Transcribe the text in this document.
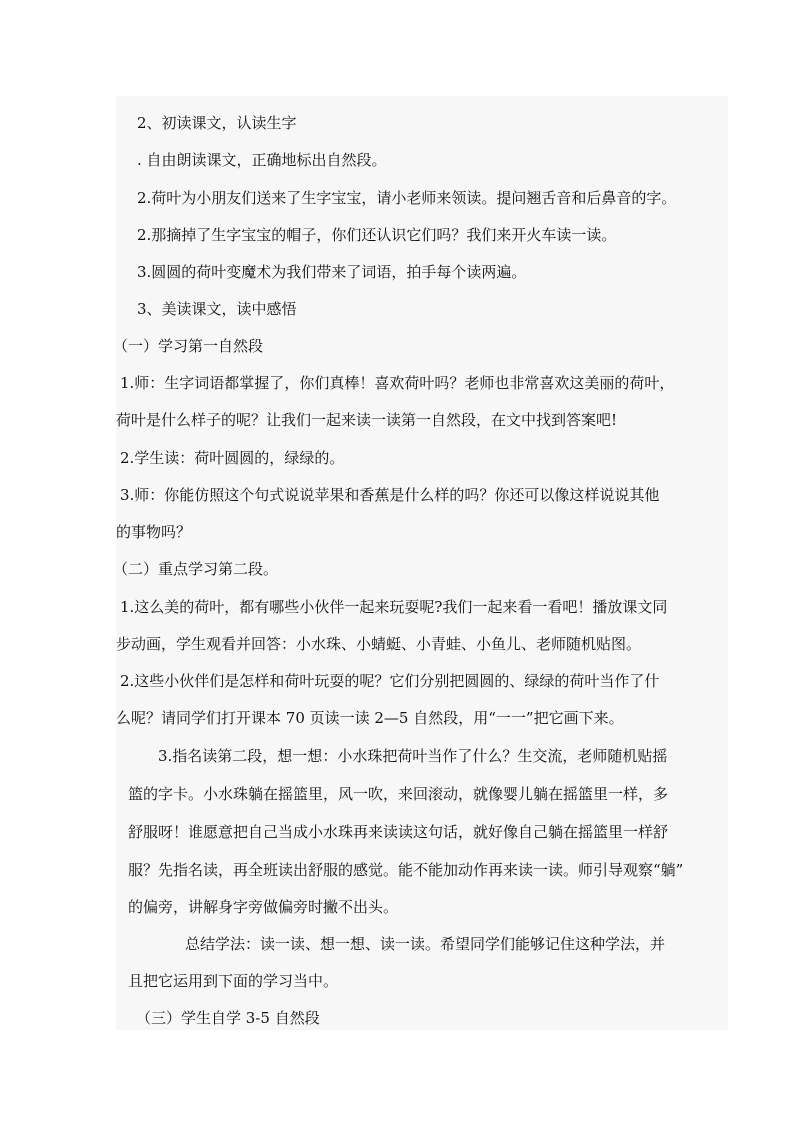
2、初读课文，认读生字
. 自由朗读课文，正确地标出自然段。
2.荷叶为小朋友们送来了生字宝宝，请小老师来领读。提问翘舌音和后鼻音的字。
2.那摘掉了生字宝宝的帽子，你们还认识它们吗？我们来开火车读一读。
3.圆圆的荷叶变魔术为我们带来了词语，拍手每个读两遍。
3、美读课文，读中感悟
（一）学习第一自然段
1.师：生字词语都掌握了，你们真棒！喜欢荷叶吗？老师也非常喜欢这美丽的荷叶，
荷叶是什么样子的呢？让我们一起来读一读第一自然段，在文中找到答案吧!
2.学生读：荷叶圆圆的，绿绿的。
3.师：你能仿照这个句式说说苹果和香蕉是什么样的吗？你还可以像这样说说其他
的事物吗？
（二）重点学习第二段。
1.这么美的荷叶，都有哪些小伙伴一起来玩耍呢?我们一起来看一看吧！播放课文同
步动画，学生观看并回答：小水珠、小蜻蜓、小青蛙、小鱼儿、老师随机贴图。
2.这些小伙伴们是怎样和荷叶玩耍的呢？它们分别把圆圆的、绿绿的荷叶当作了什
么呢？请同学们打开课本 70 页读一读 2—5 自然段，用“一一”把它画下来。
3.指名读第二段，想一想：小水珠把荷叶当作了什么？生交流，老师随机贴摇
篮的字卡。小水珠躺在摇篮里，风一吹，来回滚动，就像婴儿躺在摇篮里一样，多
舒服呀！谁愿意把自己当成小水珠再来读读这句话，就好像自己躺在摇篮里一样舒
服？先指名读，再全班读出舒服的感觉。能不能加动作再来读一读。师引导观察“躺”
的偏旁，讲解身字旁做偏旁时撇不出头。
总结学法：读一读、想一想、读一读。希望同学们能够记住这种学法，并
且把它运用到下面的学习当中。
（三）学生自学 3-5 自然段
